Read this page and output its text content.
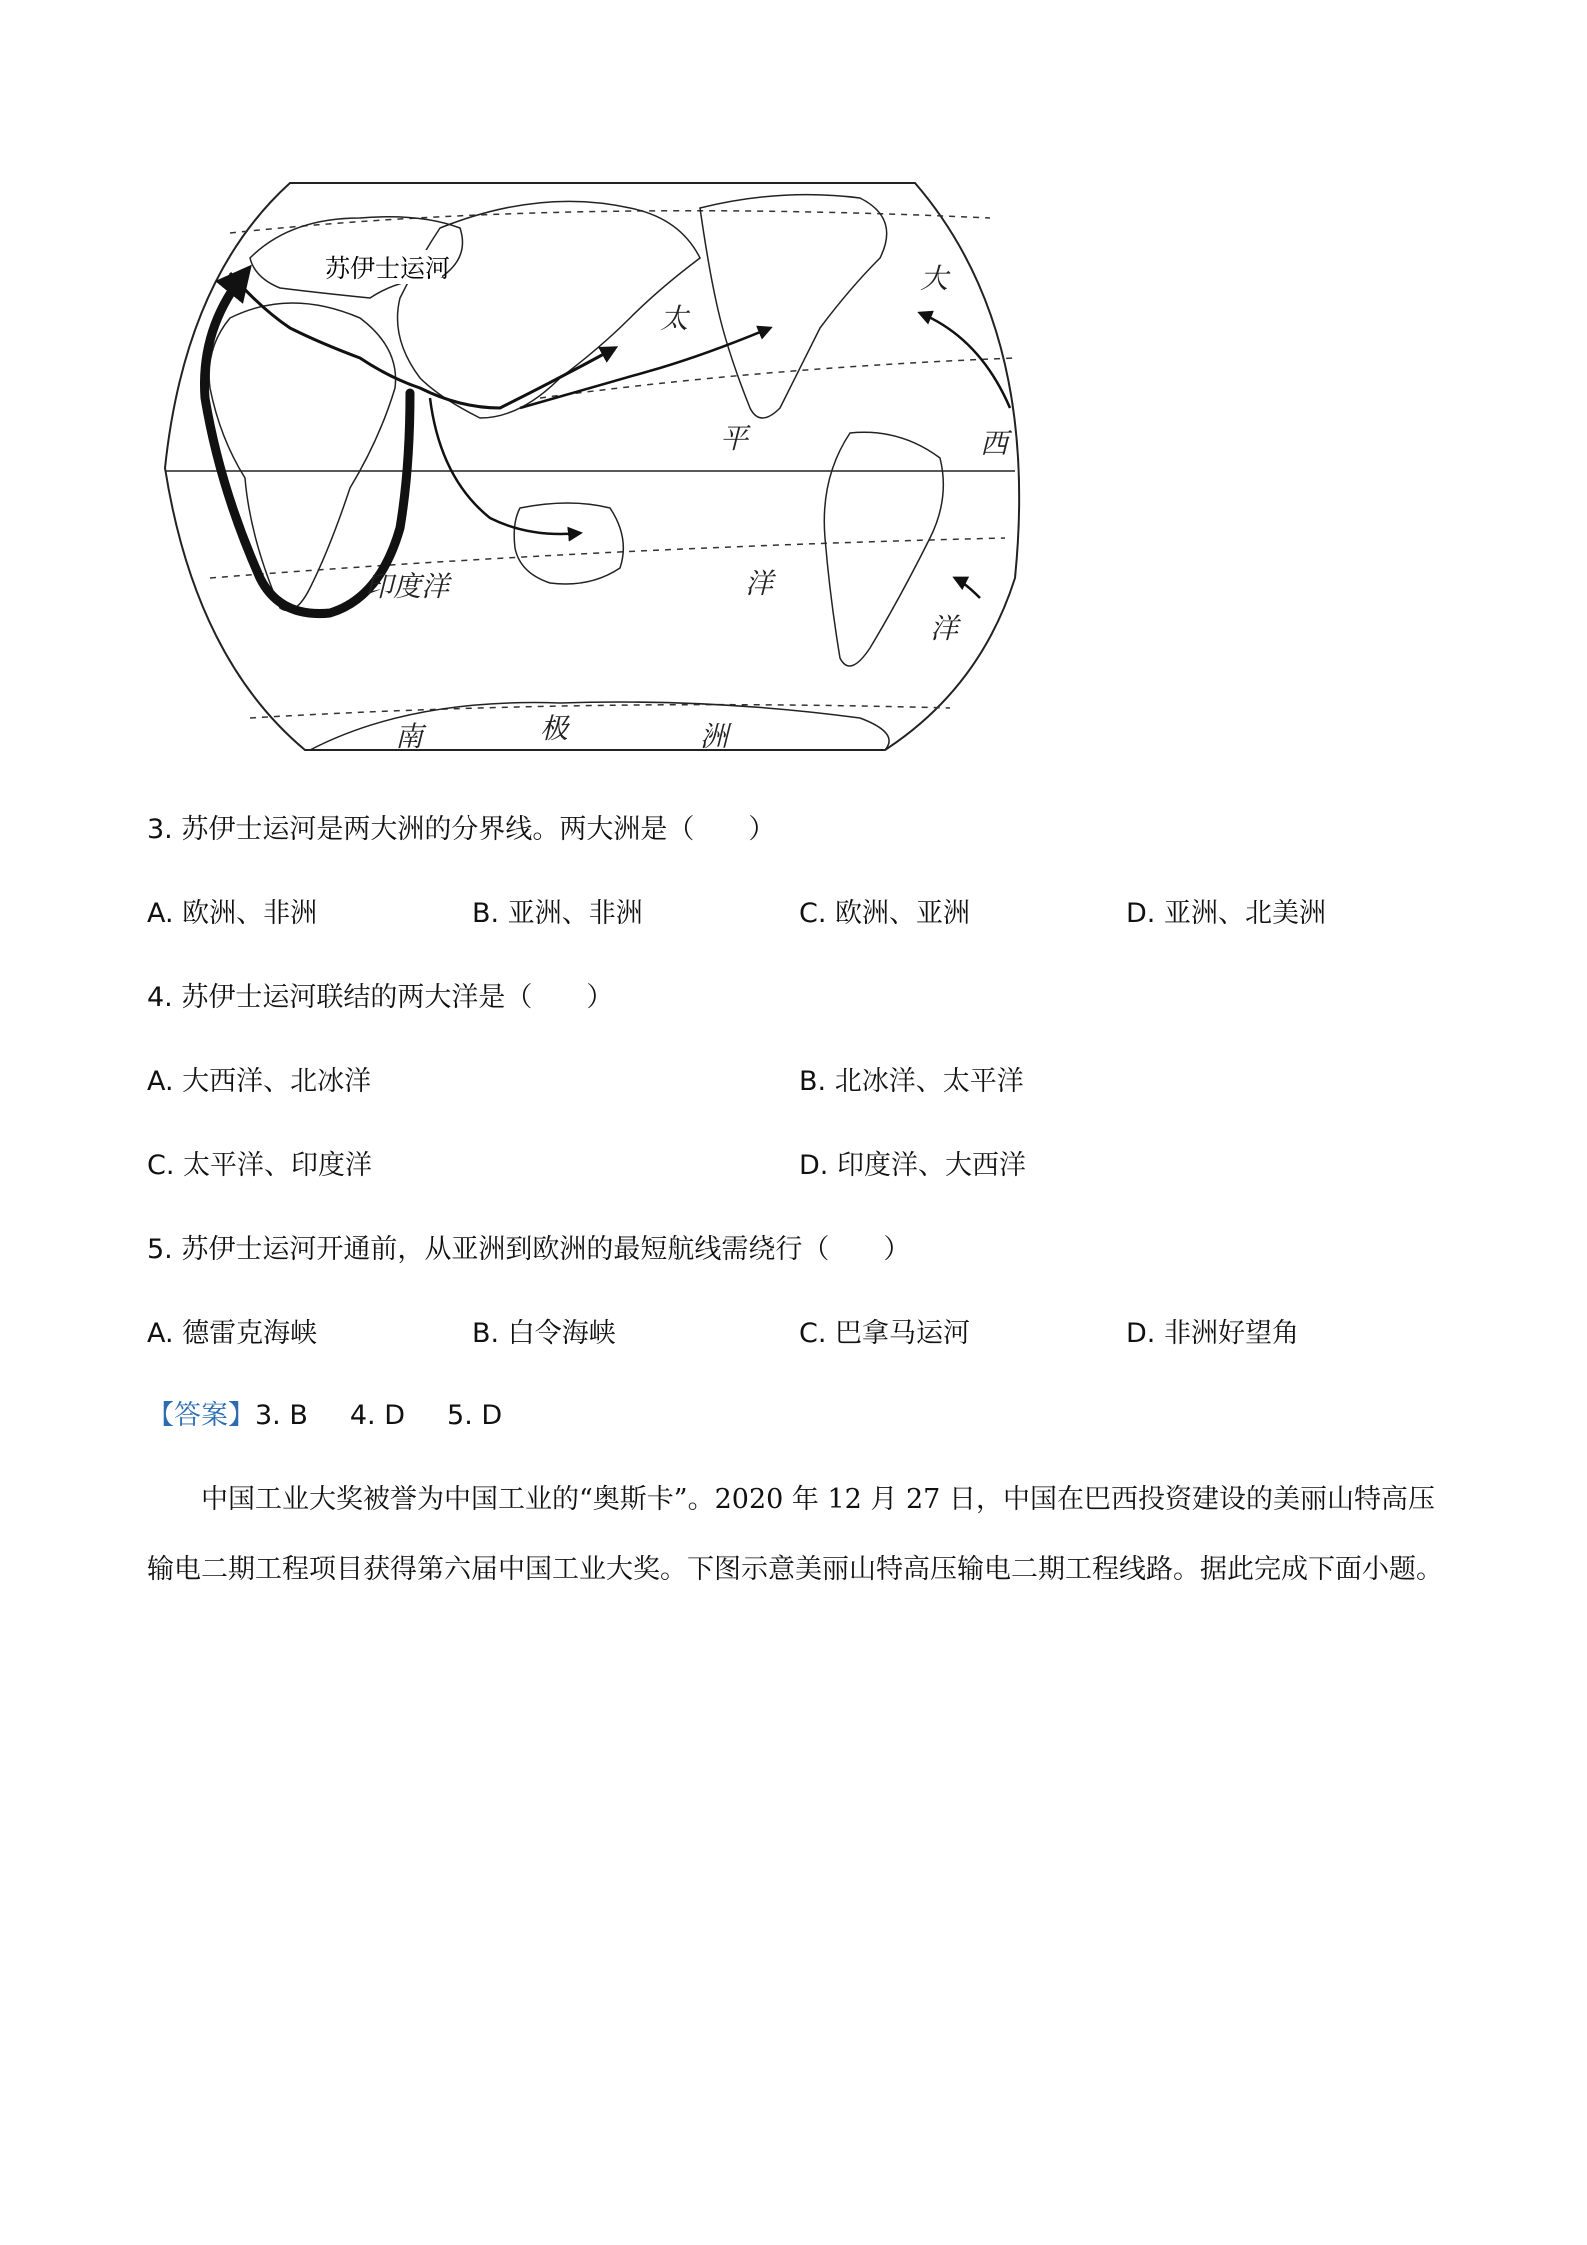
苏伊士运河
太
平
洋
大
西
洋
印度洋
南	极	洲
3. 苏伊士运河是两大洲的分界线。两大洲是（　　）
A. 欧洲、非洲	B. 亚洲、非洲	C. 欧洲、亚洲	D. 亚洲、北美洲
4. 苏伊士运河联结的两大洋是（　　）
A. 大西洋、北冰洋	B. 北冰洋、太平洋
C. 太平洋、印度洋	D. 印度洋、大西洋
5. 苏伊士运河开通前，从亚洲到欧洲的最短航线需绕行（　　）
A. 德雷克海峡	B. 白令海峡	C. 巴拿马运河	D. 非洲好望角
【答案】3. B 4. D 5. D
中国工业大奖被誉为中国工业的“奥斯卡”。2020 年 12 月 27 日，中国在巴西投资建设的美丽山特高压输电二期工程项目获得第六届中国工业大奖。下图示意美丽山特高压输电二期工程线路。据此完成下面小题。
